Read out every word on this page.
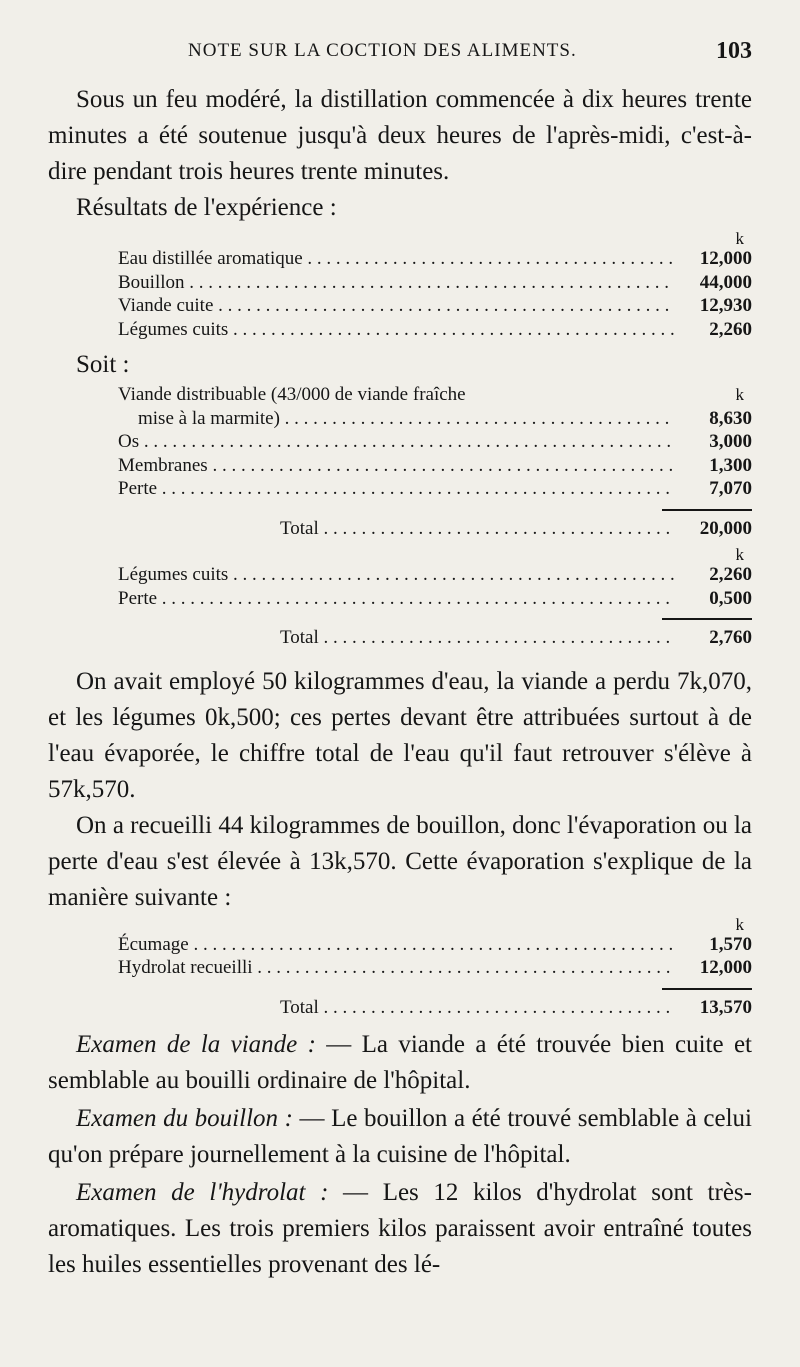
NOTE SUR LA COCTION DES ALIMENTS.	103

Sous un feu modéré, la distillation commencée à dix heures trente minutes a été soutenue jusqu'à deux heures de l'après-midi, c'est-à-dire pendant trois heures trente minutes.

Résultats de l'expérience :

k
Eau distillée aromatique . . .	12,000
Bouillon . . .	44,000
Viande cuite . . .	12,930
Légumes cuits . . .	2,260

Soit :

Viande distribuable (43/000 de viande fraîche	k
mise à la marmite) . . .	8,630
Os . . .	3,000
Membranes . . .	1,300
Perte . . .	7,070
Total . . .	20,000
k
Légumes cuits . . .	2,260
Perte . . .	0,500
Total . . .	2,760

On avait employé 50 kilogrammes d'eau, la viande a perdu 7k,070, et les légumes 0k,500; ces pertes devant être attribuées surtout à de l'eau évaporée, le chiffre total de l'eau qu'il faut retrouver s'élève à 57k,570.

On a recueilli 44 kilogrammes de bouillon, donc l'évaporation ou la perte d'eau s'est élevée à 13k,570. Cette évaporation s'explique de la manière suivante :

k
Écumage . . .	1,570
Hydrolat recueilli . . .	12,000
Total . . .	13,570

Examen de la viande : — La viande a été trouvée bien cuite et semblable au bouilli ordinaire de l'hôpital.

Examen du bouillon : — Le bouillon a été trouvé semblable à celui qu'on prépare journellement à la cuisine de l'hôpital.

Examen de l'hydrolat : — Les 12 kilos d'hydrolat sont très-aromatiques. Les trois premiers kilos paraissent avoir entraîné toutes les huiles essentielles provenant des lé-
